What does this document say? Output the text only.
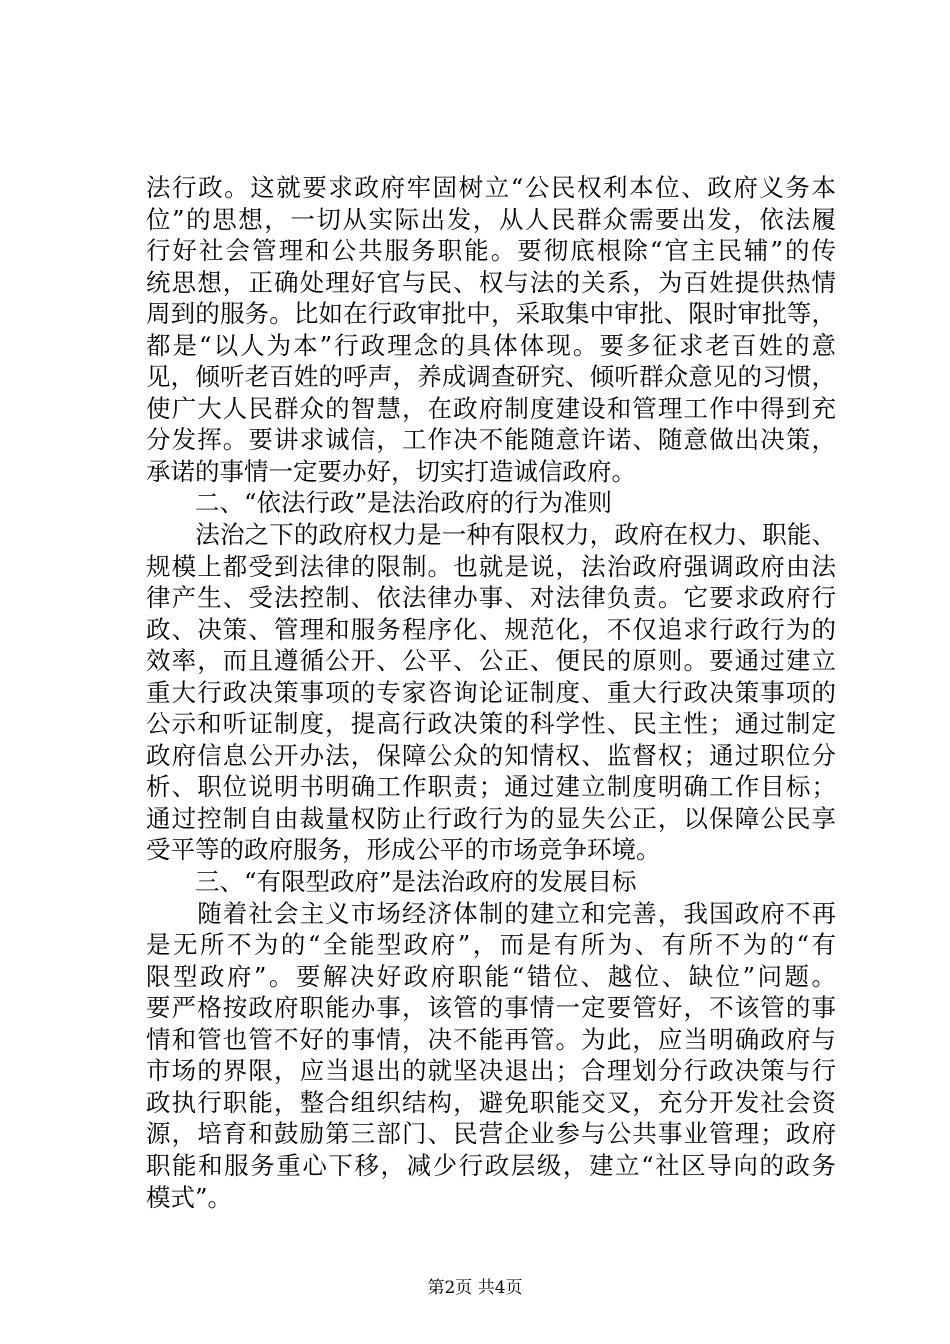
法行政。这就要求政府牢固树立“公民权利本位、政府义务本
位”的思想，一切从实际出发，从人民群众需要出发，依法履
行好社会管理和公共服务职能。要彻底根除“官主民辅”的传
统思想，正确处理好官与民、权与法的关系，为百姓提供热情
周到的服务。比如在行政审批中，采取集中审批、限时审批等，
都是“以人为本”行政理念的具体体现。要多征求老百姓的意
见，倾听老百姓的呼声，养成调查研究、倾听群众意见的习惯，
使广大人民群众的智慧，在政府制度建设和管理工作中得到充
分发挥。要讲求诚信，工作决不能随意许诺、随意做出决策，
承诺的事情一定要办好，切实打造诚信政府。
　　二、“依法行政”是法治政府的行为准则
　　法治之下的政府权力是一种有限权力，政府在权力、职能、
规模上都受到法律的限制。也就是说，法治政府强调政府由法
律产生、受法控制、依法律办事、对法律负责。它要求政府行
政、决策、管理和服务程序化、规范化，不仅追求行政行为的
效率，而且遵循公开、公平、公正、便民的原则。要通过建立
重大行政决策事项的专家咨询论证制度、重大行政决策事项的
公示和听证制度，提高行政决策的科学性、民主性；通过制定
政府信息公开办法，保障公众的知情权、监督权；通过职位分
析、职位说明书明确工作职责；通过建立制度明确工作目标；
通过控制自由裁量权防止行政行为的显失公正，以保障公民享
受平等的政府服务，形成公平的市场竞争环境。
　　三、“有限型政府”是法治政府的发展目标
　　随着社会主义市场经济体制的建立和完善，我国政府不再
是无所不为的“全能型政府”，而是有所为、有所不为的“有
限型政府”。要解决好政府职能“错位、越位、缺位”问题。
要严格按政府职能办事，该管的事情一定要管好，不该管的事
情和管也管不好的事情，决不能再管。为此，应当明确政府与
市场的界限，应当退出的就坚决退出；合理划分行政决策与行
政执行职能，整合组织结构，避免职能交叉，充分开发社会资
源，培育和鼓励第三部门、民营企业参与公共事业管理；政府
职能和服务重心下移，减少行政层级，建立“社区导向的政务
模式”。
第2页 共4页
